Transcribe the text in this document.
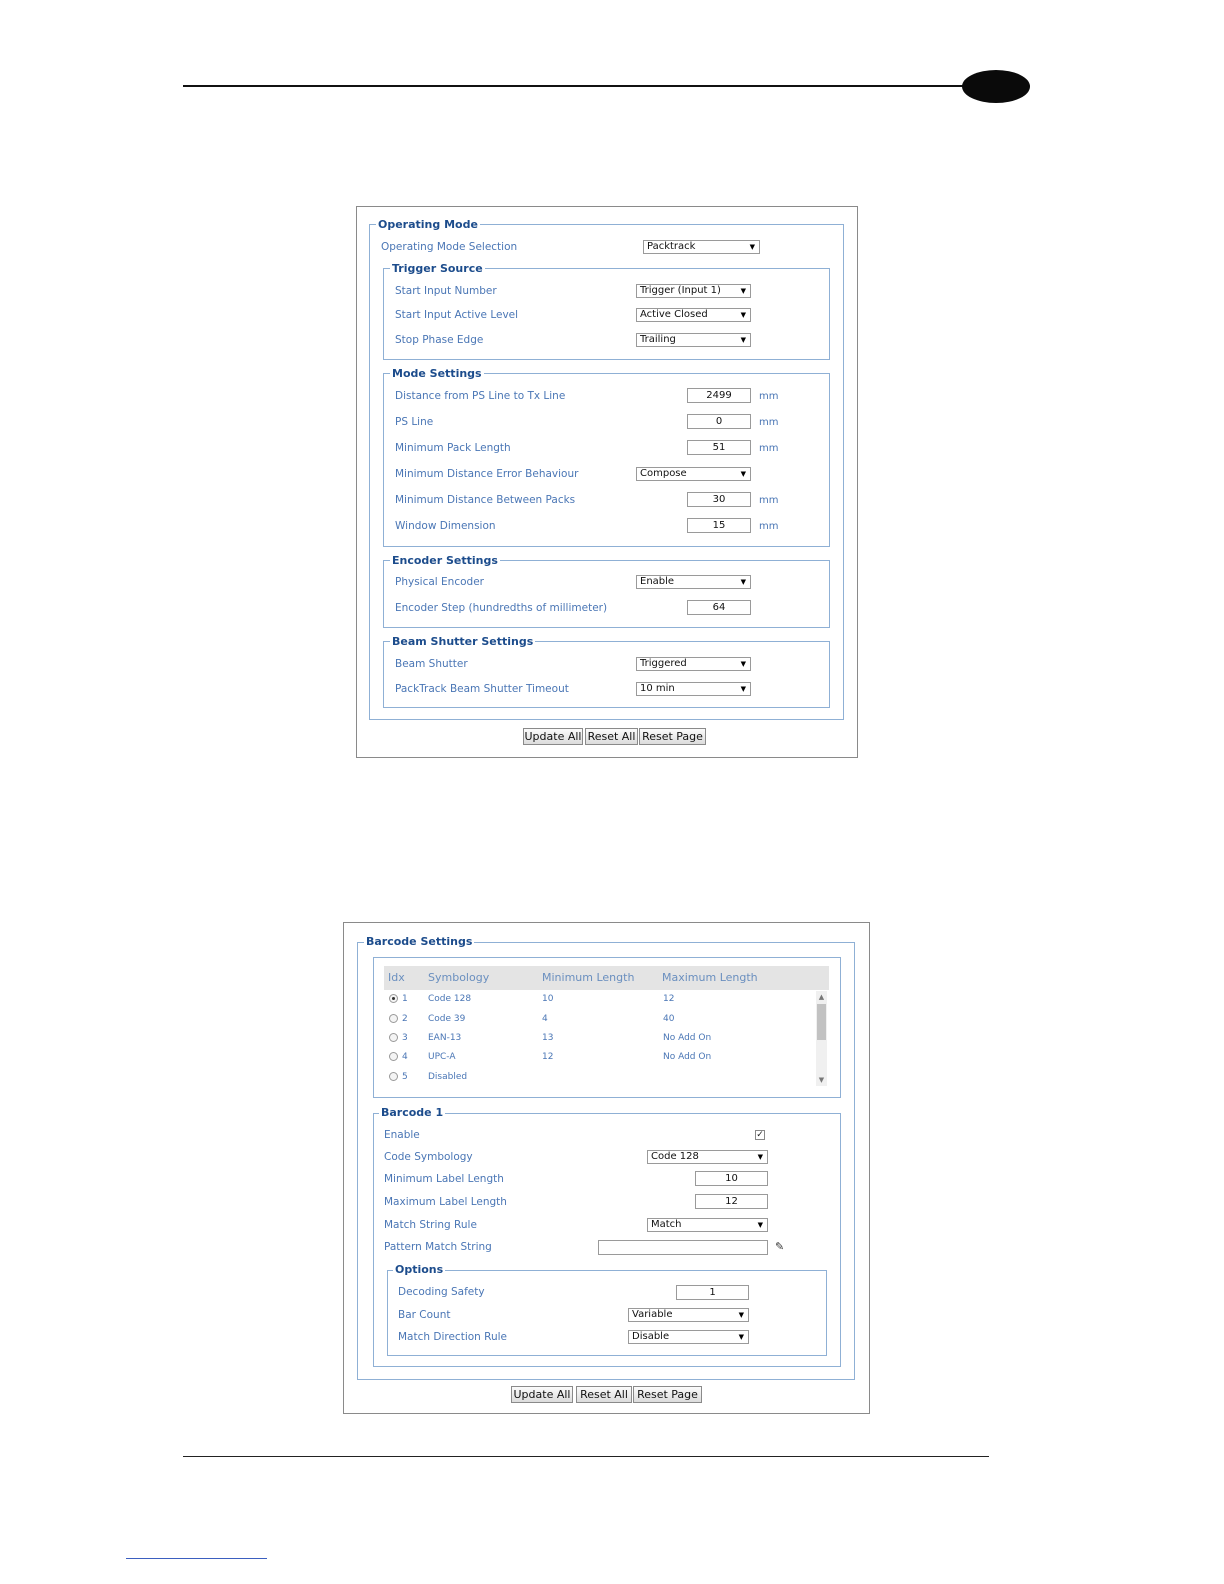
Operating Mode
Operating Mode Selection	Packtrack	▼
Trigger Source
Start Input Number	Trigger (Input 1)	▼
Start Input Active Level	Active Closed	▼
Stop Phase Edge	Trailing	▼
Mode Settings
Distance from PS Line to Tx Line	2499	mm
PS Line	0	mm
Minimum Pack Length	51	mm
Minimum Distance Error Behaviour	Compose	▼
Minimum Distance Between Packs	30	mm
Window Dimension	15	mm
Encoder Settings
Physical Encoder	Enable	▼
Encoder Step (hundredths of millimeter)	64
Beam Shutter Settings
Beam Shutter	Triggered	▼
PackTrack Beam Shutter Timeout	10 min	▼
Update All Reset All Reset Page
Barcode Settings
Idx Symbology	Minimum Length	Maximum Length
1 Code 128	10	12
2 Code 39	4	40
3 EAN-13	13	No Add On
4 UPC-A	12	No Add On
5 Disabled
▲
▼
Barcode 1
Enable	✓
Code Symbology	Code 128	▼
Minimum Label Length	10
Maximum Label Length	12
Match String Rule	Match	▼
Pattern Match String	✎
Options
Decoding Safety	1
Bar Count	Variable	▼
Match Direction Rule	Disable	▼
Update All Reset All Reset Page
